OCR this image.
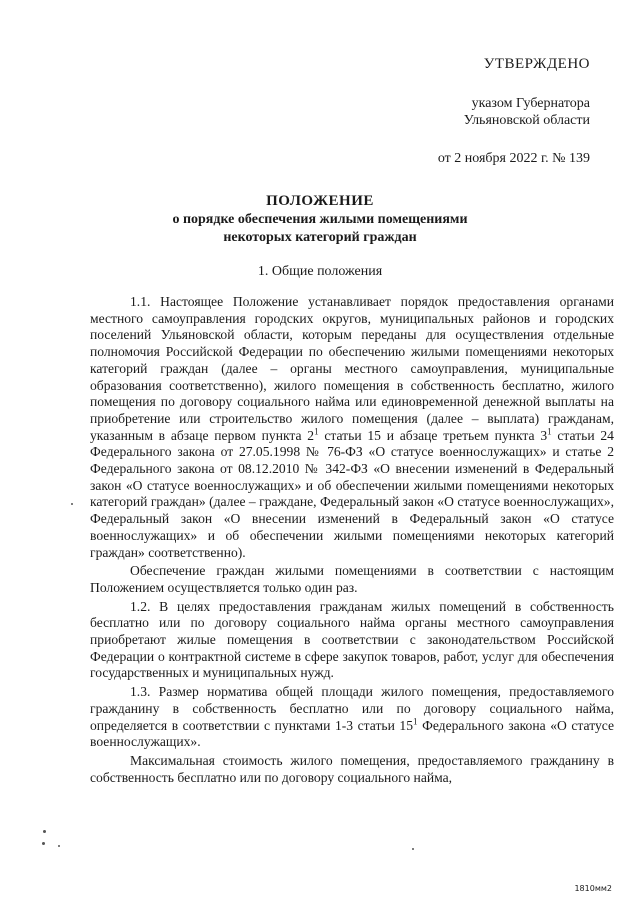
УТВЕРЖДЕНО
указом Губернатора
Ульяновской области
от 2 ноября 2022 г. № 139
ПОЛОЖЕНИЕ
о порядке обеспечения жилыми помещениями
некоторых категорий граждан
1. Общие положения

1.1. Настоящее Положение устанавливает порядок предоставления органами местного самоуправления городских округов, муниципальных районов и городских поселений Ульяновской области, которым переданы для осуществления отдельные полномочия Российской Федерации по обеспечению жилыми помещениями некоторых категорий граждан (далее – органы местного самоуправления, муниципальные образования соответственно), жилого помещения в собственность бесплатно, жилого помещения по договору социального найма или единовременной денежной выплаты на приобретение или строительство жилого помещения (далее – выплата) гражданам, указанным в абзаце первом пункта $2^1$ статьи 15 и абзаце третьем пункта $3^1$ статьи 24 Федерального закона от 27.05.1998 № 76-ФЗ «О статусе военнослужащих» и статье 2 Федерального закона от 08.12.2010 № 342-ФЗ «О внесении изменений в Федеральный закон «О статусе военнослужащих» и об обеспечении жилыми помещениями некоторых категорий граждан» (далее – граждане, Федеральный закон «О статусе военнослужащих», Федеральный закон «О внесении изменений в Федеральный закон «О статусе военнослужащих» и об обеспечении жилыми помещениями некоторых категорий граждан» соответственно).

Обеспечение граждан жилыми помещениями в соответствии с настоящим Положением осуществляется только один раз.

1.2. В целях предоставления гражданам жилых помещений в собственность бесплатно или по договору социального найма органы местного самоуправления приобретают жилые помещения в соответствии с законодательством Российской Федерации о контрактной системе в сфере закупок товаров, работ, услуг для обеспечения государственных и муниципальных нужд.

1.3. Размер норматива общей площади жилого помещения, предоставляемого гражданину в собственность бесплатно или по договору социального найма, определяется в соответствии с пунктами 1-3 статьи $15^1$ Федерального закона «О статусе военнослужащих».

Максимальная стоимость жилого помещения, предоставляемого гражданину в собственность бесплатно или по договору социального найма,

1810мм2
